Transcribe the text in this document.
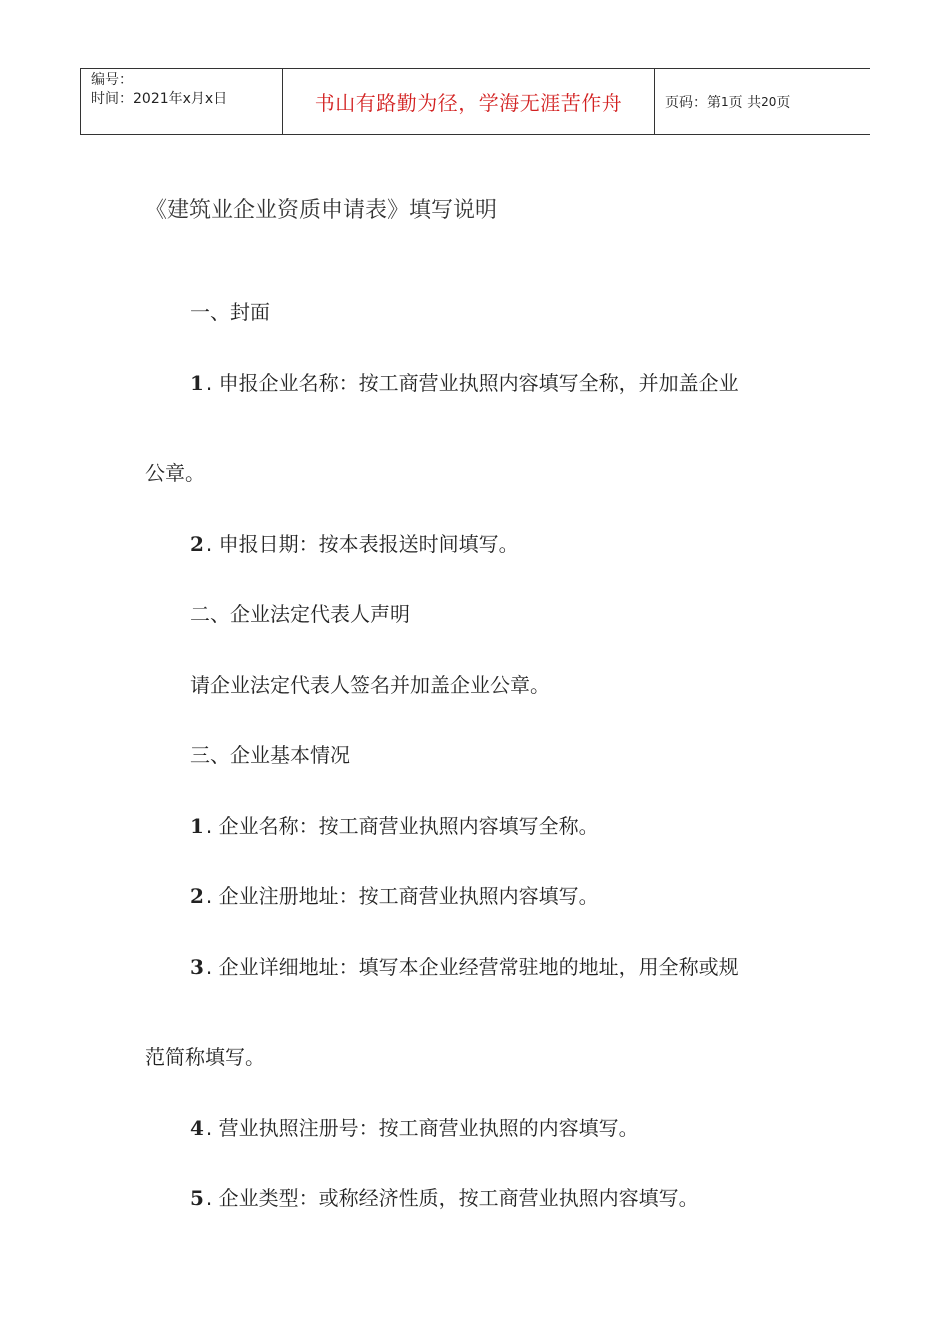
编号：
时间：2021年x月x日	书山有路勤为径，学海无涯苦作舟	页码：第 1 页 共 20 页
《建筑业企业资质申请表》填写说明
一、封面
1 . 申报企业名称：按工商营业执照内容填写全称，并加盖企业
公章。
2 . 申报日期：按本表报送时间填写。
二、企业法定代表人声明
请企业法定代表人签名并加盖企业公章。
三、企业基本情况
1 . 企业名称：按工商营业执照内容填写全称。
2 . 企业注册地址：按工商营业执照内容填写。
3 . 企业详细地址：填写本企业经营常驻地的地址，用全称或规
范简称填写。
4 . 营业执照注册号：按工商营业执照的内容填写。
5 . 企业类型：或称经济性质，按工商营业执照内容填写。
